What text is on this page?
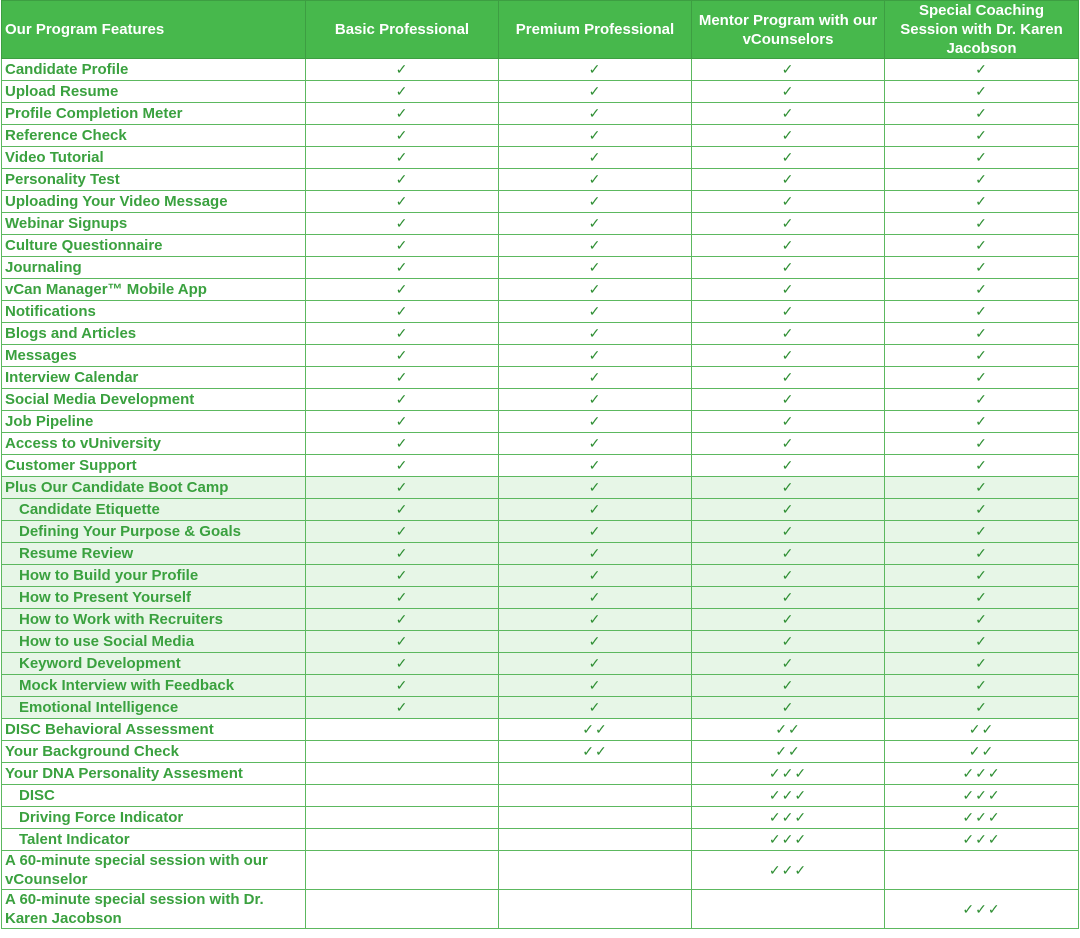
Our Program Features	Basic Professional	Premium Professional	Mentor Program with our vCounselors	Special Coaching Session with Dr. Karen Jacobson
Candidate Profile	✓	✓	✓	✓
Upload Resume	✓	✓	✓	✓
Profile Completion Meter	✓	✓	✓	✓
Reference Check	✓	✓	✓	✓
Video Tutorial	✓	✓	✓	✓
Personality Test	✓	✓	✓	✓
Uploading Your Video Message	✓	✓	✓	✓
Webinar Signups	✓	✓	✓	✓
Culture Questionnaire	✓	✓	✓	✓
Journaling	✓	✓	✓	✓
vCan Manager™ Mobile App	✓	✓	✓	✓
Notifications	✓	✓	✓	✓
Blogs and Articles	✓	✓	✓	✓
Messages	✓	✓	✓	✓
Interview Calendar	✓	✓	✓	✓
Social Media Development	✓	✓	✓	✓
Job Pipeline	✓	✓	✓	✓
Access to vUniversity	✓	✓	✓	✓
Customer Support	✓	✓	✓	✓
Plus Our Candidate Boot Camp	✓	✓	✓	✓
Candidate Etiquette	✓	✓	✓	✓
Defining Your Purpose & Goals	✓	✓	✓	✓
Resume Review	✓	✓	✓	✓
How to Build your Profile	✓	✓	✓	✓
How to Present Yourself	✓	✓	✓	✓
How to Work with Recruiters	✓	✓	✓	✓
How to use Social Media	✓	✓	✓	✓
Keyword Development	✓	✓	✓	✓
Mock Interview with Feedback	✓	✓	✓	✓
Emotional Intelligence	✓	✓	✓	✓
DISC Behavioral Assessment		✓✓	✓✓	✓✓
Your Background Check		✓✓	✓✓	✓✓
Your DNA Personality Assesment			✓✓✓	✓✓✓
DISC			✓✓✓	✓✓✓
Driving Force Indicator			✓✓✓	✓✓✓
Talent Indicator			✓✓✓	✓✓✓
A 60-minute special session with our vCounselor			✓✓✓	
A 60-minute special session with Dr. Karen Jacobson				✓✓✓
